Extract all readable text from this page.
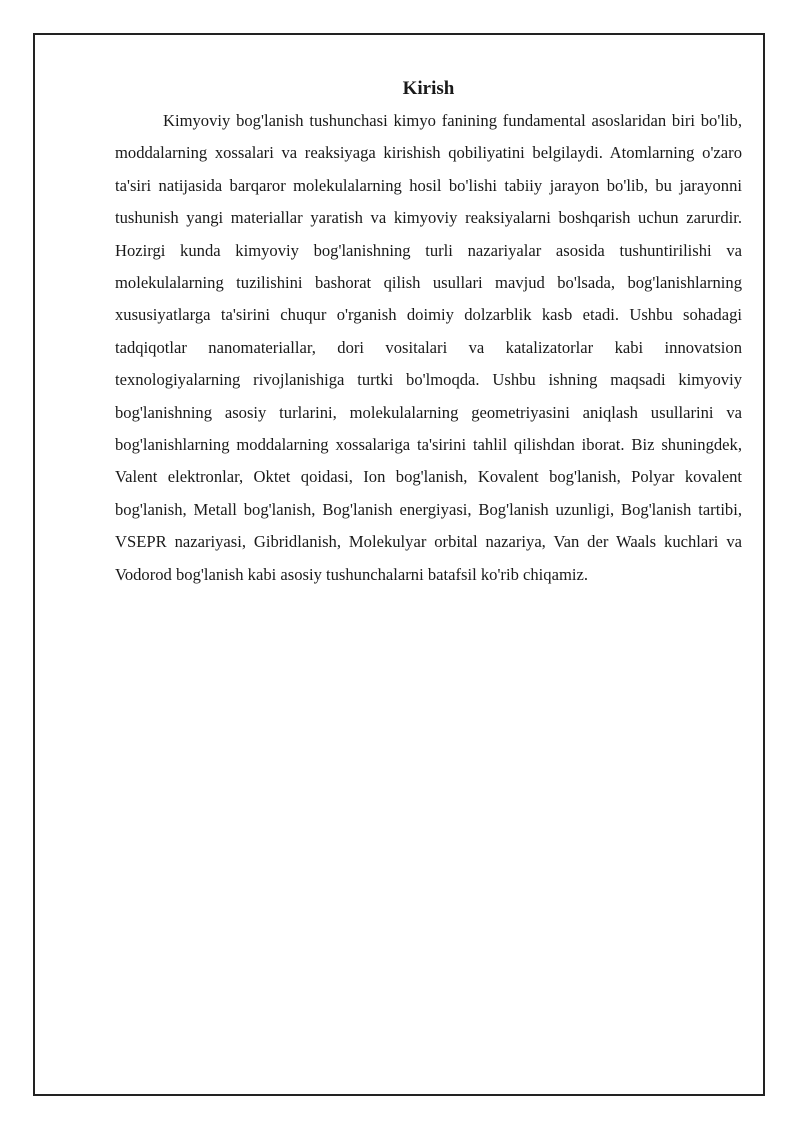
Kirish

Kimyoviy bog'lanish tushunchasi kimyo fanining fundamental asoslaridan biri bo'lib, moddalarning xossalari va reaksiyaga kirishish qobiliyatini belgilaydi. Atomlarning o'zaro ta'siri natijasida barqaror molekulalarning hosil bo'lishi tabiiy jarayon bo'lib, bu jarayonni tushunish yangi materiallar yaratish va kimyoviy reaksiyalarni boshqarish uchun zarurdir. Hozirgi kunda kimyoviy bog'lanishning turli nazariyalar asosida tushuntirilishi va molekulalarning tuzilishini bashorat qilish usullari mavjud bo'lsada, bog'lanishlarning xususiyatlarga ta'sirini chuqur o'rganish doimiy dolzarblik kasb etadi. Ushbu sohadagi tadqiqotlar nanomateriallar, dori vositalari va katalizatorlar kabi innovatsion texnologiyalarning rivojlanishiga turtki bo'lmoqda. Ushbu ishning maqsadi kimyoviy bog'lanishning asosiy turlarini, molekulalarning geometriyasini aniqlash usullarini va bog'lanishlarning moddalarning xossalariga ta'sirini tahlil qilishdan iborat. Biz shuningdek, Valent elektronlar, Oktet qoidasi, Ion bog'lanish, Kovalent bog'lanish, Polyar kovalent bog'lanish, Metall bog'lanish, Bog'lanish energiyasi, Bog'lanish uzunligi, Bog'lanish tartibi, VSEPR nazariyasi, Gibridlanish, Molekulyar orbital nazariya, Van der Waals kuchlari va Vodorod bog'lanish kabi asosiy tushunchalarni batafsil ko'rib chiqamiz.
